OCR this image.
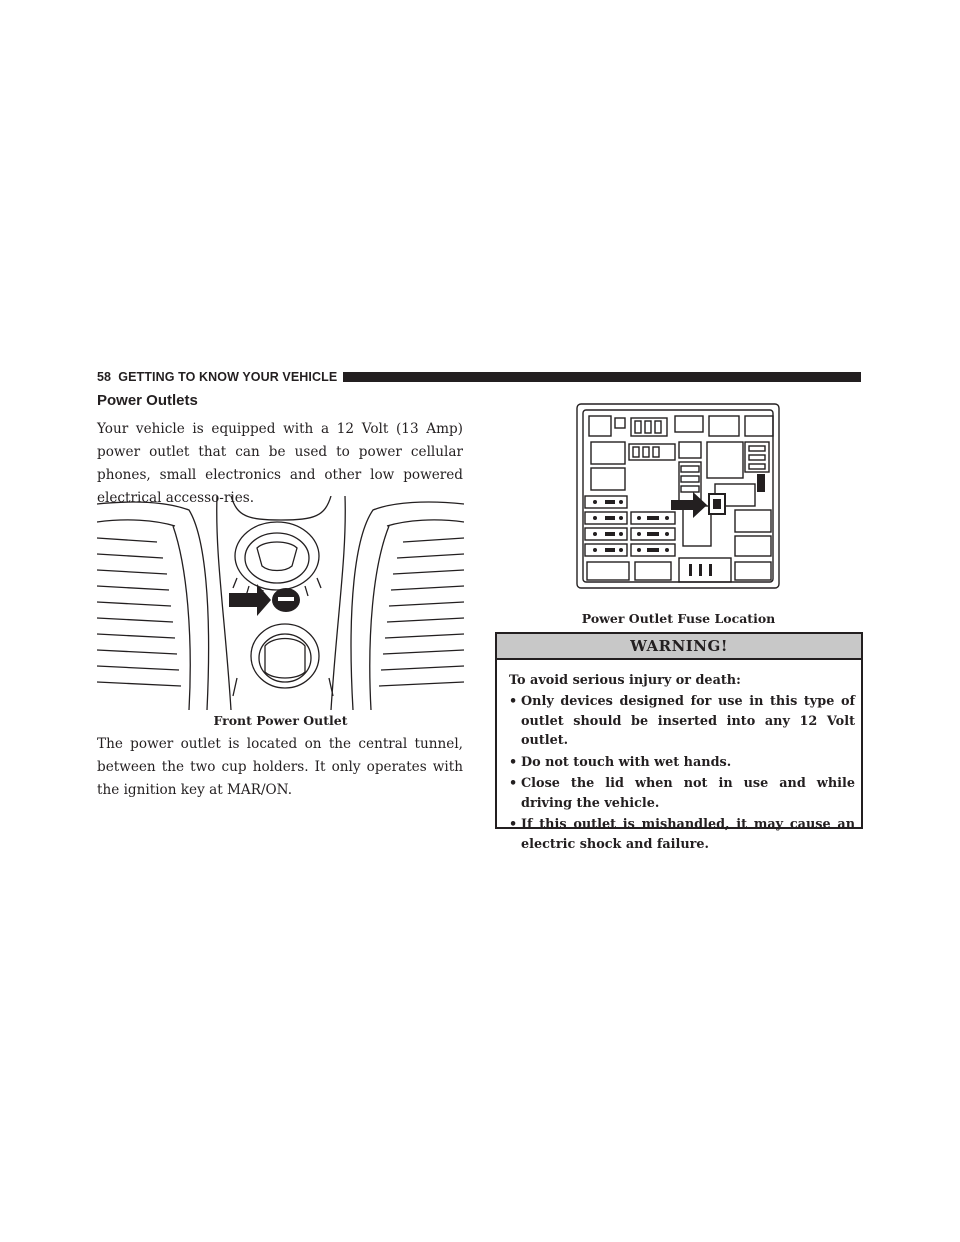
58 GETTING TO KNOW YOUR VEHICLE
Power Outlets

Your vehicle is equipped with a 12 Volt (13 Amp) power outlet that can be used to power cellular phones, small electronics and other low powered electrical accesso-ries.

Front Power Outlet

The power outlet is located on the central tunnel, between the two cup holders. It only operates with the ignition key at MAR/ON.

Power Outlet Fuse Location
WARNING!
To avoid serious injury or death:
• Only devices designed for use in this type of outlet should be inserted into any 12 Volt outlet.
• Do not touch with wet hands.
• Close the lid when not in use and while driving the vehicle.
• If this outlet is mishandled, it may cause an electric shock and failure.
